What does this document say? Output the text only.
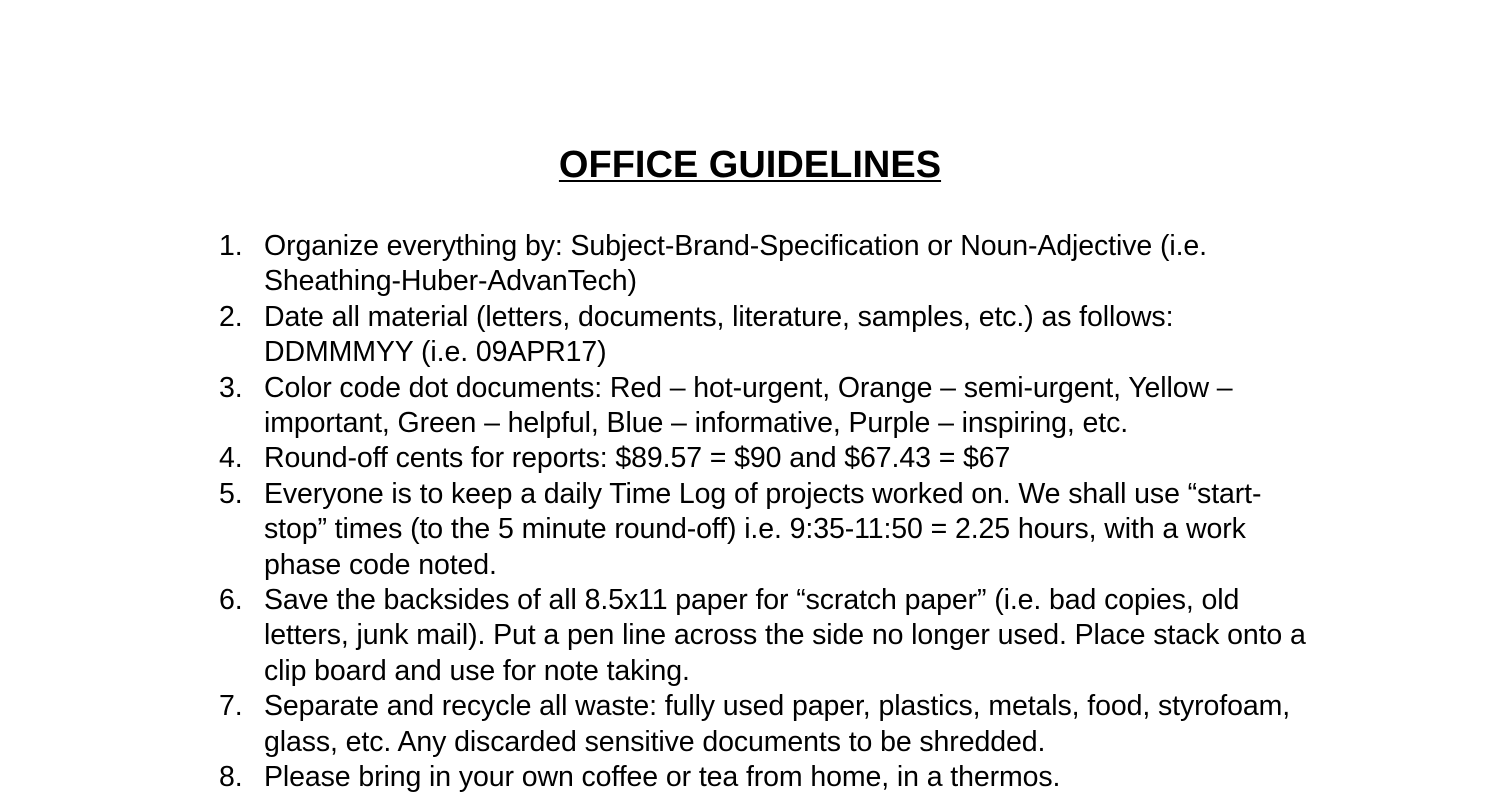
OFFICE GUIDELINES
1. Organize everything by: Subject-Brand-Specification or Noun-Adjective (i.e. Sheathing-Huber-AdvanTech)
2. Date all material (letters, documents, literature, samples, etc.) as follows: DDMMMYY (i.e. 09APR17)
3. Color code dot documents: Red – hot-urgent, Orange – semi-urgent, Yellow – important, Green – helpful, Blue – informative, Purple – inspiring, etc.
4. Round-off cents for reports: $89.57 = $90 and $67.43 = $67
5. Everyone is to keep a daily Time Log of projects worked on. We shall use “start-stop” times (to the 5 minute round-off) i.e. 9:35-11:50 = 2.25 hours, with a work phase code noted.
6. Save the backsides of all 8.5x11 paper for “scratch paper” (i.e. bad copies, old letters, junk mail). Put a pen line across the side no longer used. Place stack onto a clip board and use for note taking.
7. Separate and recycle all waste: fully used paper, plastics, metals, food, styrofoam, glass, etc. Any discarded sensitive documents to be shredded.
8. Please bring in your own coffee or tea from home, in a thermos.
